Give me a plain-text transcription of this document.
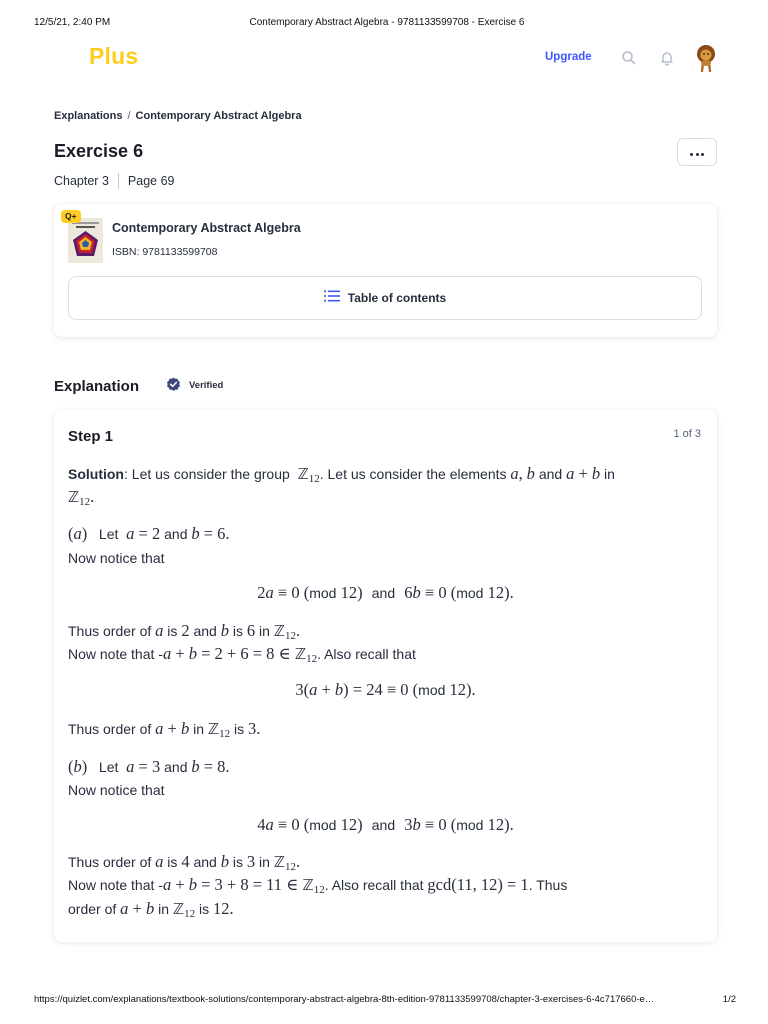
12/5/21, 2:40 PM	Contemporary Abstract Algebra - 9781133599708 - Exercise 6
Plus	Upgrade
Explanations / Contemporary Abstract Algebra
Exercise 6
Chapter 3 Page 69
Q+
Contemporary Abstract Algebra
ISBN: 9781133599708
Table of contents
Explanation	Verified
Step 1	1 of 3
Solution: Let us consider the group ℤ$_{12}$. Let us consider the elements a, b and a + b in
ℤ$_{12}$.
(a) Let a = 2 and b = 6.
Now notice that
2a ≡ 0 (mod 12) and 6b ≡ 0 (mod 12).
Thus order of a is 2 and b is 6 in ℤ$_{12}$.
Now note that -a + b = 2 + 6 = 8 ∈ ℤ$_{12}$. Also recall that
3(a + b) = 24 ≡ 0 (mod 12).
Thus order of a + b in ℤ$_{12}$ is 3.
(b) Let a = 3 and b = 8.
Now notice that
4a ≡ 0 (mod 12) and 3b ≡ 0 (mod 12).
Thus order of a is 4 and b is 3 in ℤ$_{12}$.
Now note that -a + b = 3 + 8 = 11 ∈ ℤ$_{12}$. Also recall that gcd(11, 12) = 1. Thus
order of a + b in ℤ$_{12}$ is 12.
https://quizlet.com/explanations/textbook-solutions/contemporary-abstract-algebra-8th-edition-9781133599708/chapter-3-exercises-6-4c717660-e…	1/2
